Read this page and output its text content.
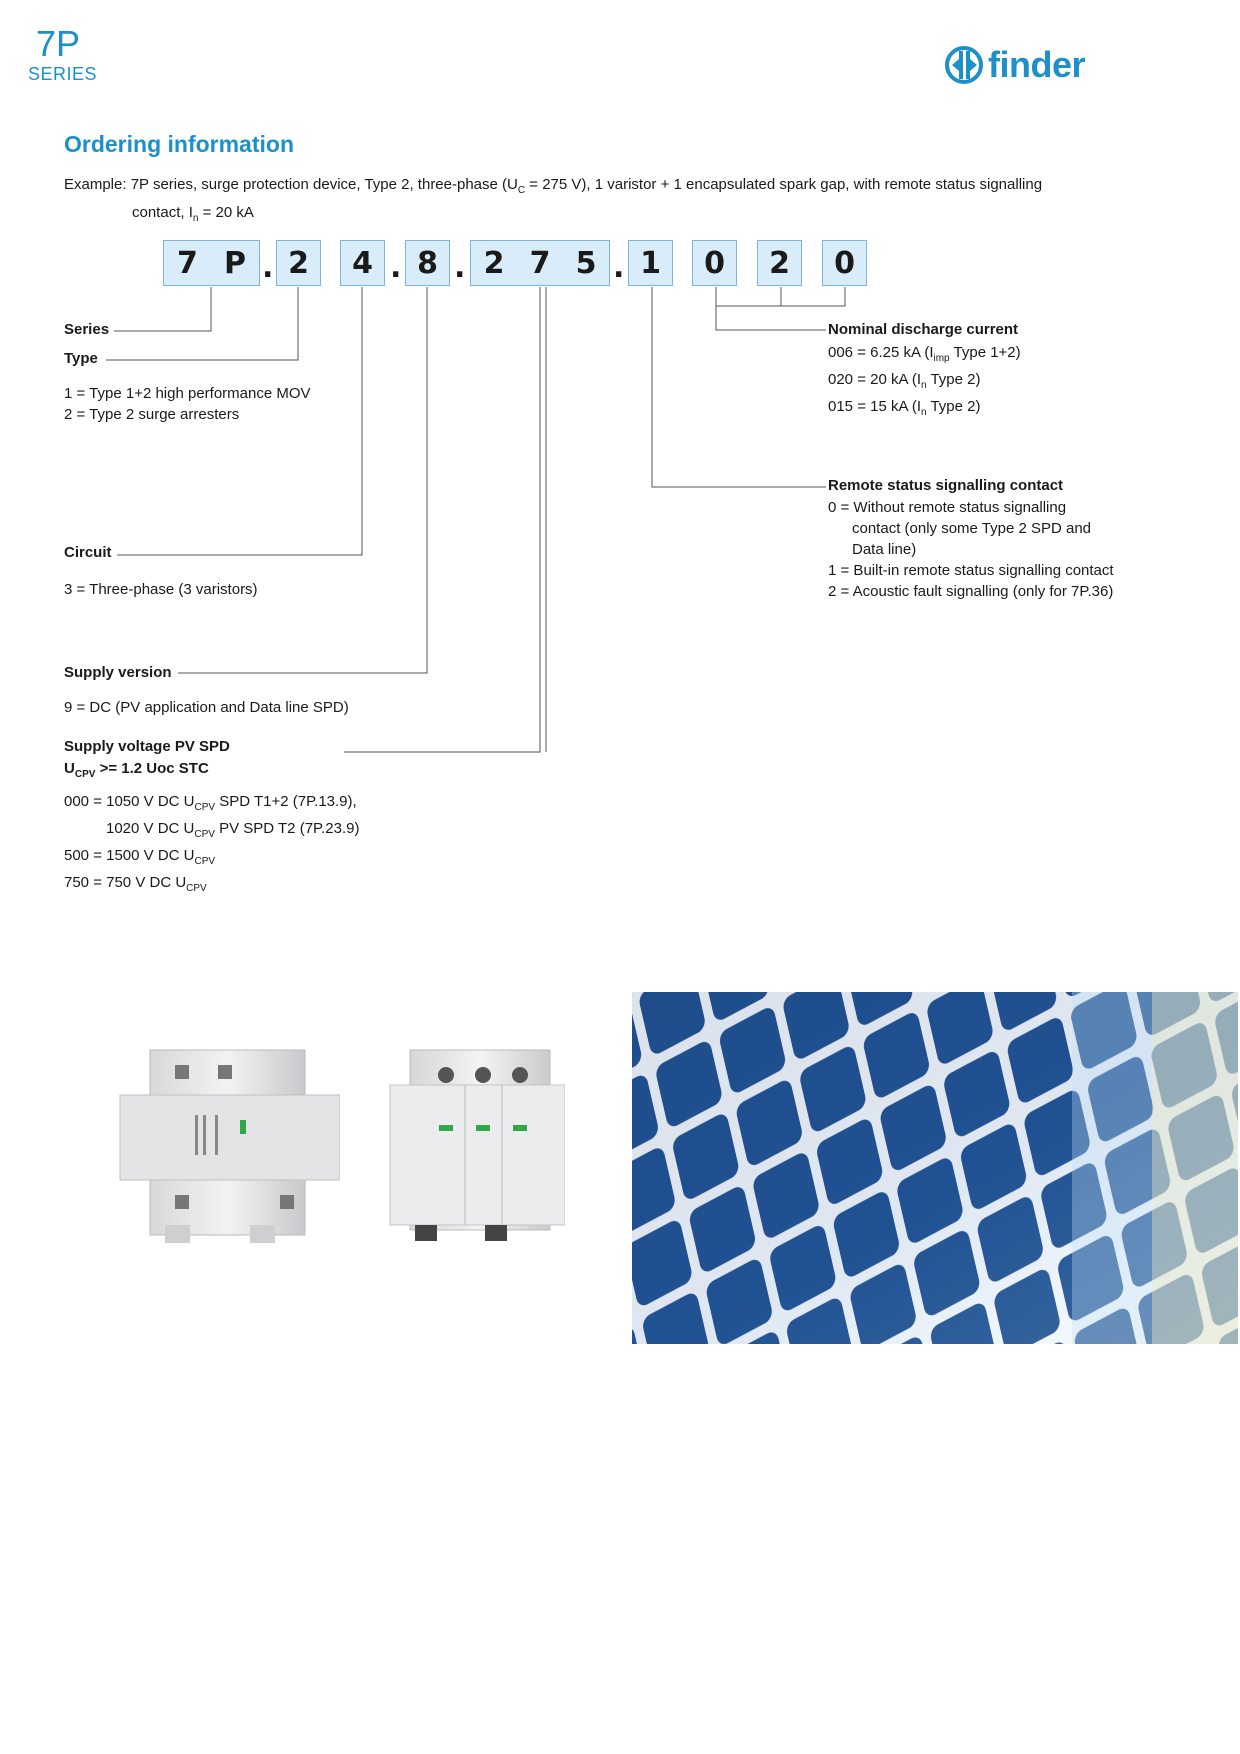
7P
SERIES	finder
Ordering information
Example: 7P series, surge protection device, Type 2, three-phase ($U_C = 275$ V), 1 varistor + 1 encapsulated spark gap, with remote status signalling
contact, $I_n = 20$ kA
7 P . 2 4 . 8 . 2 7 5 . 1 0 2 0
Series
Type
1 = Type 1+2 high performance MOV
2 = Type 2 surge arresters
Circuit
3 = Three-phase (3 varistors)
Supply version
9 = DC (PV application and Data line SPD)
Supply voltage PV SPD
$U_{CPV} >= 1.2$ Uoc STC
000 = 1050 V DC $U_{CPV}$ SPD T1+2 (7P.13.9),
1020 V DC $U_{CPV}$ PV SPD T2 (7P.23.9)
500 = 1500 V DC $U_{CPV}$
750 = 750 V DC $U_{CPV}$
Nominal discharge current
006 = 6.25 kA ($I_{imp}$ Type 1+2)
020 = 20 kA ($I_n$ Type 2)
015 = 15 kA ($I_n$ Type 2)
Remote status signalling contact
0 = Without remote status signalling
contact (only some Type 2 SPD and
Data line)
1 = Built-in remote status signalling contact
2 = Acoustic fault signalling (only for 7P.36)
